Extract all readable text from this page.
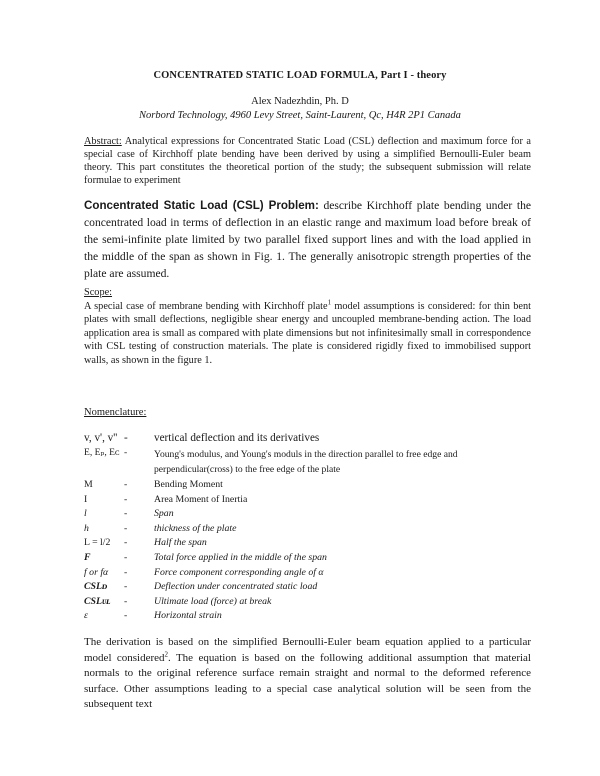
CONCENTRATED STATIC LOAD FORMULA, Part I - theory
Alex Nadezhdin, Ph. D
Norbord Technology, 4960 Levy Street, Saint-Laurent, Qc, H4R 2P1 Canada
Abstract: Analytical expressions for Concentrated Static Load (CSL) deflection and maximum force for a special case of Kirchhoff plate bending have been derived by using a simplified Bernoulli-Euler beam theory. This part constitutes the theoretical portion of the study; the subsequent submission will relate formulae to experiment
Concentrated Static Load (CSL) Problem: describe Kirchhoff plate bending under the concentrated load in terms of deflection in an elastic range and maximum load before break of the semi-infinite plate limited by two parallel fixed support lines and with the load applied in the middle of the span as shown in Fig. 1. The generally anisotropic strength properties of the plate are assumed.
Scope:
A special case of membrane bending with Kirchhoff plate$^1$ model assumptions is considered: for thin bent plates with small deflections, negligible shear energy and uncoupled membrane-bending action. The load application area is small as compared with plate dimensions but not infinitesimally small in correspondence with CSL testing of construction materials. The plate is considered rigidly fixed to immobilised support walls, as shown in the figure 1.
Nomenclature:
v, v', v'' - vertical deflection and its derivatives
E, Eₚ, Eᴄ -	Young's modulus, and Young's moduls in the direction parallel to free edge and perpendicular(cross) to the free edge of the plate
M	-	Bending Moment
I	-	Area Moment of Inertia
l	-	Span
h	-	thickness of the plate
L = l/2	-	Half the span
F	-	Total force applied in the middle of the span
f or fα	-	Force component corresponding angle of α
CSLᴅ	-	Deflection under concentrated static load
CSLᴜʟ	-	Ultimate load (force) at break
ε	-	Horizontal strain
The derivation is based on the simplified Bernoulli-Euler beam equation applied to a particular model considered$^2$. The equation is based on the following additional assumption that material normals to the original reference surface remain straight and normal to the deformed reference surface. Other assumptions leading to a special case analytical solution will be seen from the subsequent text
